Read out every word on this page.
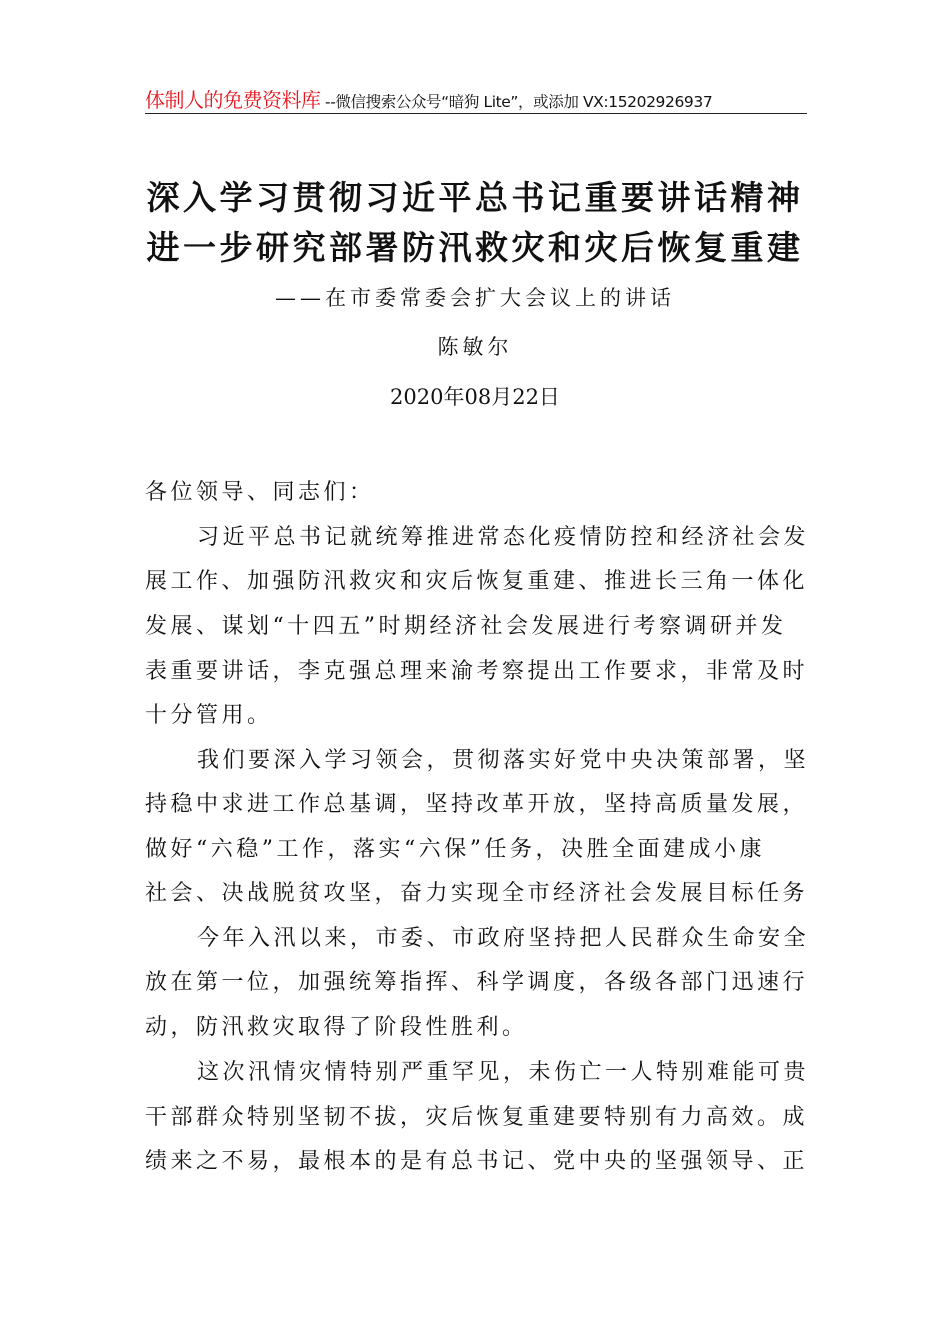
体制人的免费资料库 --微信搜索公众号“暗狗 Lite”，或添加 VX:15202926937
深入学习贯彻习近平总书记重要讲话精神
进一步研究部署防汛救灾和灾后恢复重建
——在市委常委会扩大会议上的讲话
陈敏尔
2020年08月22日
各位领导、同志们：
习近平总书记就统筹推进常态化疫情防控和经济社会发
展工作、加强防汛救灾和灾后恢复重建、推进长三角一体化
发展、谋划“十四五”时期经济社会发展进行考察调研并发
表重要讲话，李克强总理来渝考察提出工作要求，非常及时
十分管用。
我们要深入学习领会，贯彻落实好党中央决策部署，坚
持稳中求进工作总基调，坚持改革开放，坚持高质量发展，
做好“六稳”工作，落实“六保”任务，决胜全面建成小康
社会、决战脱贫攻坚，奋力实现全市经济社会发展目标任务
今年入汛以来，市委、市政府坚持把人民群众生命安全
放在第一位，加强统筹指挥、科学调度，各级各部门迅速行
动，防汛救灾取得了阶段性胜利。
这次汛情灾情特别严重罕见，未伤亡一人特别难能可贵
干部群众特别坚韧不拔，灾后恢复重建要特别有力高效。成
绩来之不易，最根本的是有总书记、党中央的坚强领导、正
